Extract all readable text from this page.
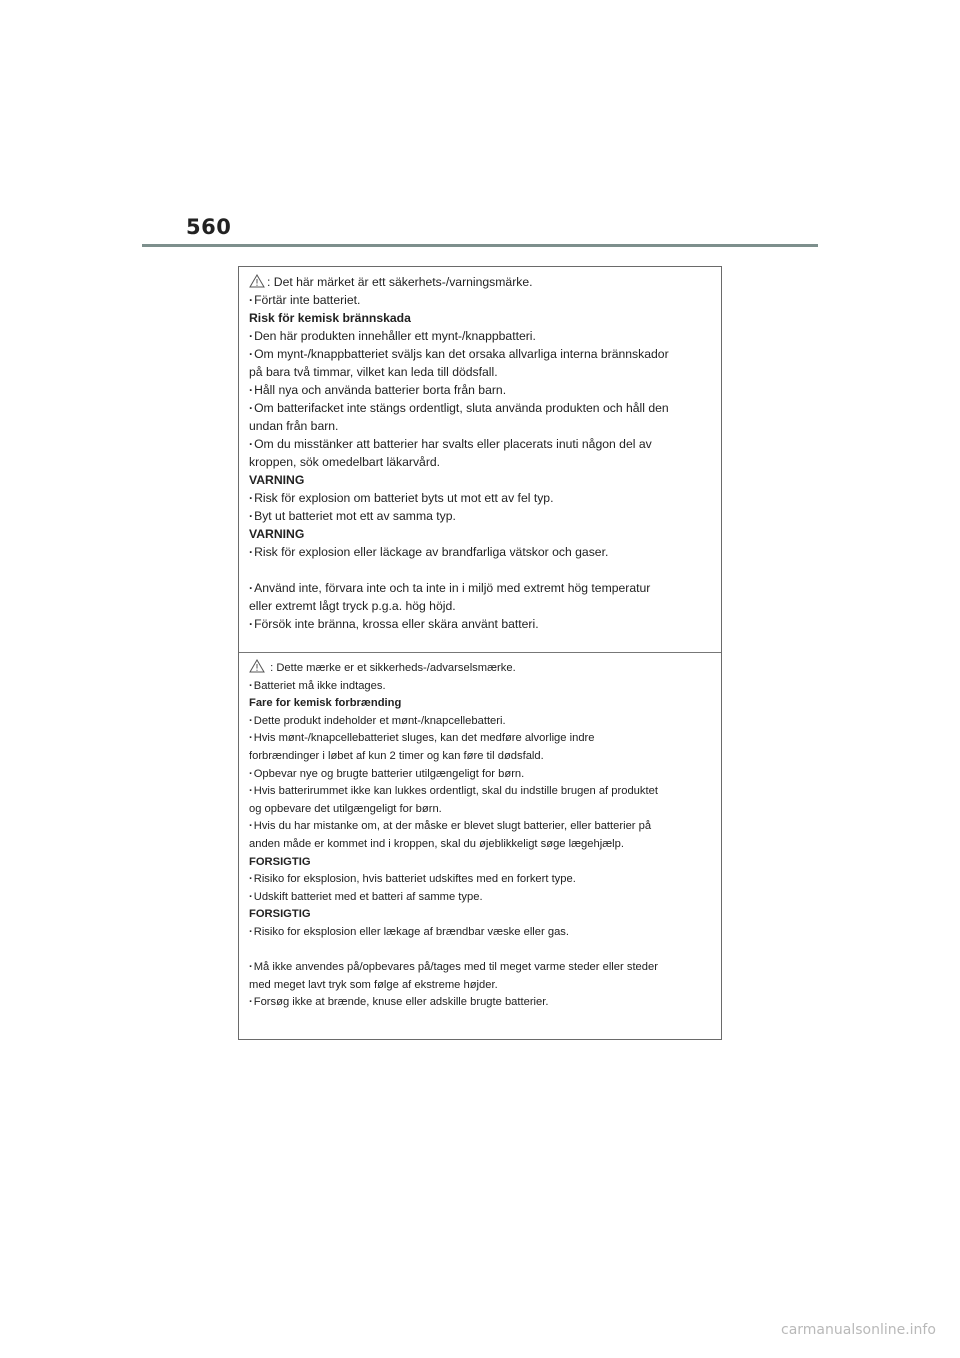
560
: Det här märket är ett säkerhets-/varningsmärke.
· Förtär inte batteriet.
Risk för kemisk brännskada
· Den här produkten innehåller ett mynt-/knappbatteri.
· Om mynt-/knappbatteriet sväljs kan det orsaka allvarliga interna brännskador
på bara två timmar, vilket kan leda till dödsfall.
· Håll nya och använda batterier borta från barn.
· Om batterifacket inte stängs ordentligt, sluta använda produkten och håll den
undan från barn.
· Om du misstänker att batterier har svalts eller placerats inuti någon del av
kroppen, sök omedelbart läkarvård.
VARNING
· Risk för explosion om batteriet byts ut mot ett av fel typ.
· Byt ut batteriet mot ett av samma typ.
VARNING
· Risk för explosion eller läckage av brandfarliga vätskor och gaser.
· Använd inte, förvara inte och ta inte in i miljö med extremt hög temperatur
eller extremt lågt tryck p.g.a. hög höjd.
· Försök inte bränna, krossa eller skära använt batteri.
: Dette mærke er et sikkerheds-/advarselsmærke.
· Batteriet må ikke indtages.
Fare for kemisk forbrænding
· Dette produkt indeholder et mønt-/knapcellebatteri.
· Hvis mønt-/knapcellebatteriet sluges, kan det medføre alvorlige indre
forbrændinger i løbet af kun 2 timer og kan føre til dødsfald.
· Opbevar nye og brugte batterier utilgængeligt for børn.
· Hvis batterirummet ikke kan lukkes ordentligt, skal du indstille brugen af produktet
og opbevare det utilgængeligt for børn.
· Hvis du har mistanke om, at der måske er blevet slugt batterier, eller batterier på
anden måde er kommet ind i kroppen, skal du øjeblikkeligt søge lægehjælp.
FORSIGTIG
· Risiko for eksplosion, hvis batteriet udskiftes med en forkert type.
· Udskift batteriet med et batteri af samme type.
FORSIGTIG
· Risiko for eksplosion eller lækage af brændbar væske eller gas.
· Må ikke anvendes på/opbevares på/tages med til meget varme steder eller steder
med meget lavt tryk som følge af ekstreme højder.
· Forsøg ikke at brænde, knuse eller adskille brugte batterier.
carmanualsonline.info
